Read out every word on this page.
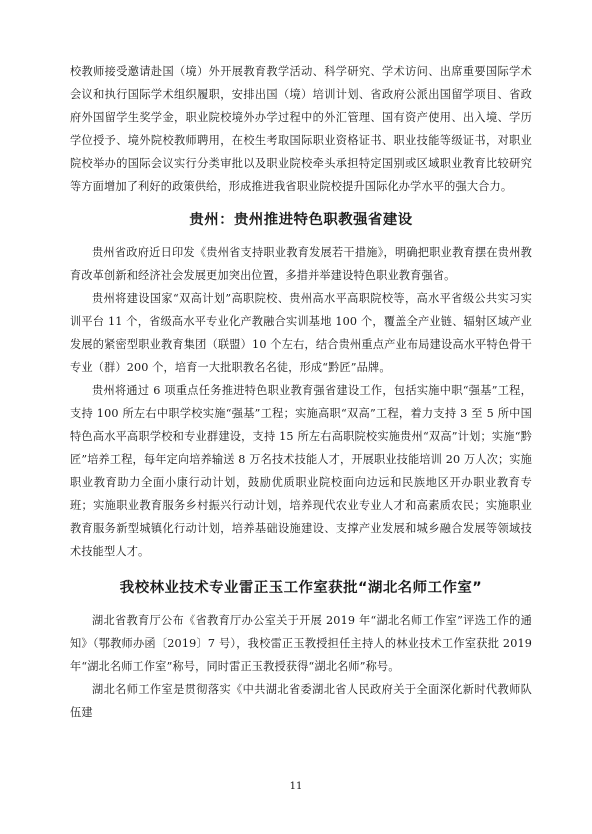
校教师接受邀请赴国（境）外开展教育教学活动、科学研究、学术访问、出席重要国际学术会议和执行国际学术组织履职，安排出国（境）培训计划、省政府公派出国留学项目、省政府外国留学生奖学金，职业院校境外办学过程中的外汇管理、国有资产使用、出入境、学历学位授予、境外院校教师聘用，在校生考取国际职业资格证书、职业技能等级证书，对职业院校举办的国际会议实行分类审批以及职业院校牵头承担特定国别或区域职业教育比较研究等方面增加了利好的政策供给，形成推进我省职业院校提升国际化办学水平的强大合力。

贵州：贵州推进特色职教强省建设

贵州省政府近日印发《贵州省支持职业教育发展若干措施》，明确把职业教育摆在贵州教育改革创新和经济社会发展更加突出位置，多措并举建设特色职业教育强省。

贵州将建设国家“双高计划”高职院校、贵州高水平高职院校等，高水平省级公共实习实训平台 11 个，省级高水平专业化产教融合实训基地 100 个，覆盖全产业链、辐射区域产业发展的紧密型职业教育集团（联盟）10 个左右，结合贵州重点产业布局建设高水平特色骨干专业（群）200 个，培育一大批职教名名徒，形成“黔匠”品牌。

贵州将通过 6 项重点任务推进特色职业教育强省建设工作，包括实施中职“强基”工程，支持 100 所左右中职学校实施“强基”工程；实施高职“双高”工程，着力支持 3 至 5 所中国特色高水平高职学校和专业群建设，支持 15 所左右高职院校实施贵州“双高”计划；实施“黔匠”培养工程，每年定向培养输送 8 万名技术技能人才，开展职业技能培训 20 万人次；实施职业教育助力全面小康行动计划，鼓励优质职业院校面向边远和民族地区开办职业教育专班；实施职业教育服务乡村振兴行动计划，培养现代农业专业人才和高素质农民；实施职业教育服务新型城镇化行动计划，培养基础设施建设、支撑产业发展和城乡融合发展等领域技术技能型人才。

我校林业技术专业雷正玉工作室获批“湖北名师工作室”

湖北省教育厅公布《省教育厅办公室关于开展 2019 年“湖北名师工作室”评选工作的通知》（鄂教师办函〔2019〕7 号），我校雷正玉教授担任主持人的林业技术工作室获批 2019 年“湖北名师工作室”称号，同时雷正玉教授获得“湖北名师”称号。

湖北名师工作室是贯彻落实《中共湖北省委湖北省人民政府关于全面深化新时代教师队伍建

11
